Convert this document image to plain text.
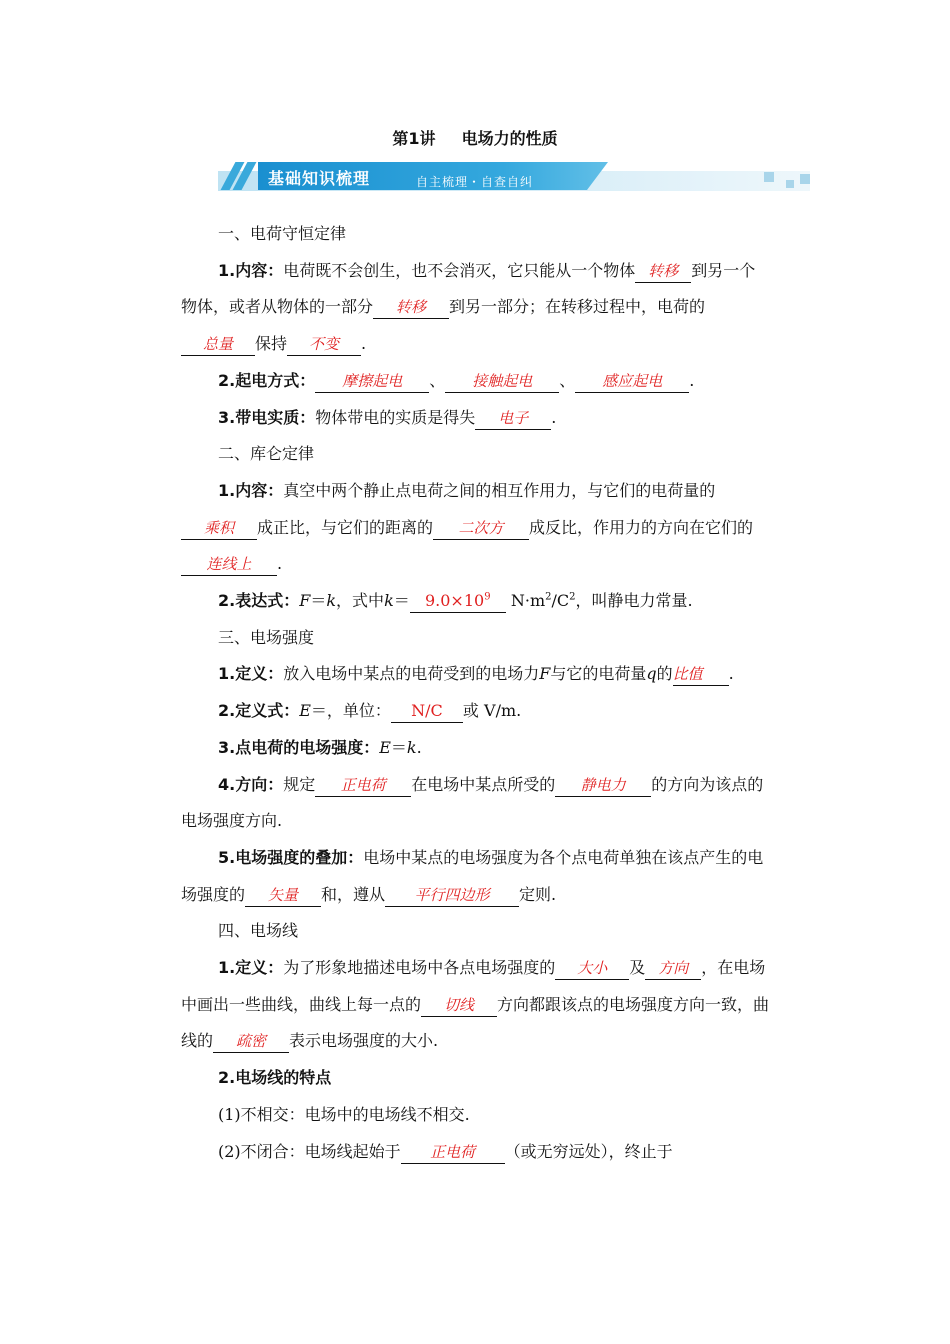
第1讲 电场力的性质
基础知识梳理	自主梳理・自查自纠

一、电荷守恒定律

1.内容：电荷既不会创生，也不会消灭，它只能从一个物体 转移 到另一个物体，或者从物体的一部分 转移 到另一部分；在转移过程中，电荷的总量 保持 不变 .

2.起电方式： 摩擦起电 、 接触起电 、 感应起电 .

3.带电实质：物体带电的实质是得失 电子 .

二、库仑定律

1.内容：真空中两个静止点电荷之间的相互作用力，与它们的电荷量的乘积 成正比，与它们的距离的 二次方 成反比，作用力的方向在它们的连线上 .

2.表达式：F＝k，式中$k= 9.0\times 10^9$ $N\cdot m^2/C^2$，叫静电力常量.

三、电场强度

1.定义：放入电场中某点的电荷受到的电场力F与它的电荷量q的比值 .

2.定义式：E＝，单位： N/C 或 V/m.

3.点电荷的电场强度：E＝k.

4.方向：规定 正电荷 在电场中某点所受的 静电力 的方向为该点的电场强度方向.

5.电场强度的叠加：电场中某点的电场强度为各个点电荷单独在该点产生的电场强度的 矢量 和，遵从 平行四边形 定则.

四、电场线

1.定义：为了形象地描述电场中各点电场强度的 大小 及 方向 ，在电场中画出一些曲线，曲线上每一点的 切线 方向都跟该点的电场强度方向一致，曲线的 疏密 表示电场强度的大小.

2.电场线的特点

(1)不相交：电场中的电场线不相交.

(2)不闭合：电场线起始于 正电荷 （或无穷远处），终止于
